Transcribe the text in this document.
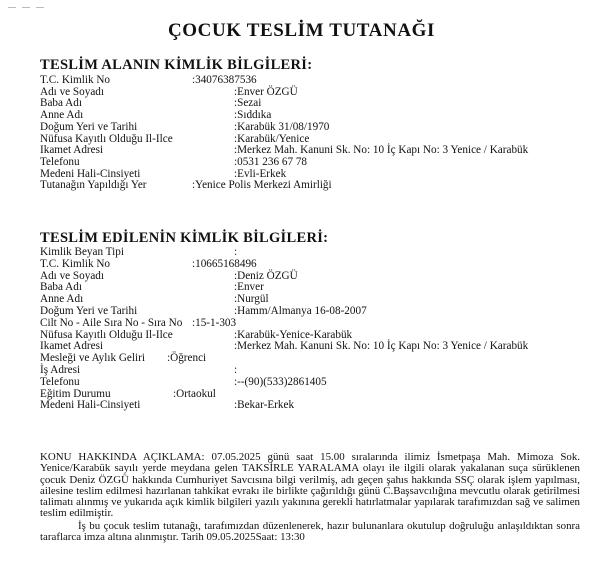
ÇOCUK TESLİM TUTANAĞI
TESLİM ALANIN KİMLİK BİLGİLERİ:
T.C. Kimlik No	:34076387536
Adı ve Soyadı	:Enver ÖZGÜ
Baba Adı	:Sezai
Anne Adı	:Sıddıka
Doğum Yeri ve Tarihi	:Karabük 31/08/1970
Nüfusa Kayıtlı Olduğu Il-Ilce	:Karabük/Yenice
Ikamet Adresi	:Merkez Mah. Kanuni Sk. No: 10 İç Kapı No: 3 Yenice / Karabük
Telefonu	:0531 236 67 78
Medeni Hali-Cinsiyeti	:Evli-Erkek
Tutanağın Yapıldığı Yer	:Yenice Polis Merkezi Amirliği
TESLİM EDİLENİN KİMLİK BİLGİLERİ:
Kimlik Beyan Tipi	:
T.C. Kimlik No	:10665168496
Adı ve Soyadı	:Deniz ÖZGÜ
Baba Adı	:Enver
Anne Adı	:Nurgül
Doğum Yeri ve Tarihi	:Hamm/Almanya 16-08-2007
Cilt No - Aile Sıra No - Sıra No :15-1-303
Nüfusa Kayıtlı Olduğu Il-Ilce	:Karabük-Yenice-Karabük
Ikamet Adresi	:Merkez Mah. Kanuni Sk. No: 10 İç Kapı No: 3 Yenice / Karabük
Mesleği ve Aylık Geliri :Öğrenci
İş Adresi	:
Telefonu	:--(90)(533)2861405
Eğitim Durumu	:Ortaokul
Medeni Hali-Cinsiyeti	:Bekar-Erkek
KONU HAKKINDA AÇIKLAMA: 07.05.2025 günü saat 15.00 sıralarında ilimiz İsmetpaşa Mah. Mimoza Sok. Yenice/Karabük sayılı yerde meydana gelen TAKSİRLE YARALAMA olayı ile ilgili olarak yakalanan suça sürüklenen çocuk Deniz ÖZGÜ hakkında Cumhuriyet Savcısına bilgi verilmiş, adı geçen şahıs hakkında SSÇ olarak işlem yapılması, ailesine teslim edilmesi hazırlanan tahkikat evrakı ile birlikte çağırıldığı günü C.Başsavcılığına mevcutlu olarak getirilmesi talimatı alınmış ve yukarıda açık kimlik bilgileri yazılı yakınına gerekli hatırlatmalar yapılarak tarafımızdan sağ ve salimen teslim edilmiştir.
İş bu çocuk teslim tutanağı, tarafımızdan düzenlenerek, hazır bulunanlara okutulup doğruluğu anlaşıldıktan sonra taraflarca imza altına alınmıştır. Tarih 09.05.2025Saat: 13:30
